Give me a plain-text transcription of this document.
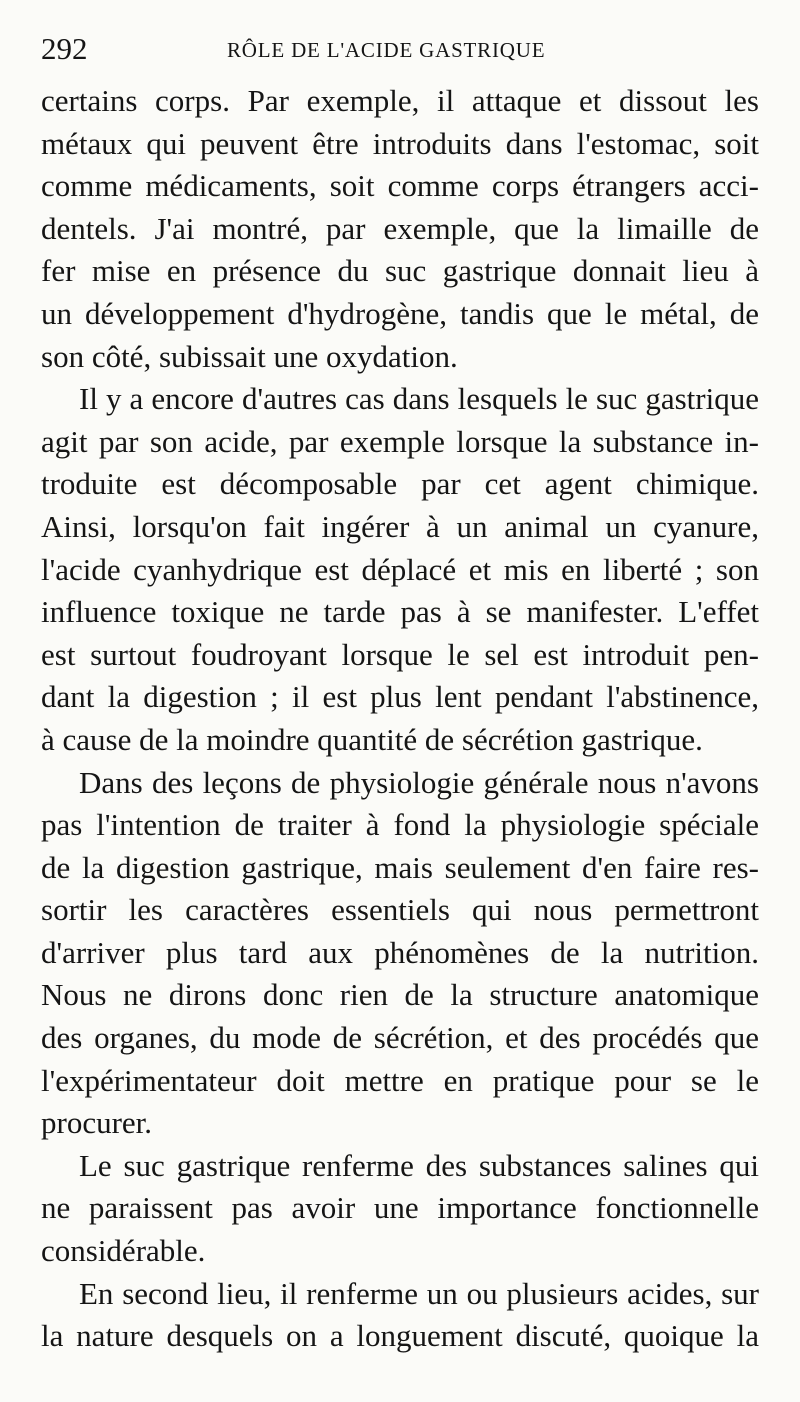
292	RÔLE DE L'ACIDE GASTRIQUE
certains corps. Par exemple, il attaque et dissout les
métaux qui peuvent être introduits dans l'estomac, soit
comme médicaments, soit comme corps étrangers acci-
dentels. J'ai montré, par exemple, que la limaille de
fer mise en présence du suc gastrique donnait lieu à
un développement d'hydrogène, tandis que le métal, de
son côté, subissait une oxydation.
Il y a encore d'autres cas dans lesquels le suc gastrique
agit par son acide, par exemple lorsque la substance in-
troduite est décomposable par cet agent chimique.
Ainsi, lorsqu'on fait ingérer à un animal un cyanure,
l'acide cyanhydrique est déplacé et mis en liberté ; son
influence toxique ne tarde pas à se manifester. L'effet
est surtout foudroyant lorsque le sel est introduit pen-
dant la digestion ; il est plus lent pendant l'abstinence,
à cause de la moindre quantité de sécrétion gastrique.
Dans des leçons de physiologie générale nous n'avons
pas l'intention de traiter à fond la physiologie spéciale
de la digestion gastrique, mais seulement d'en faire res-
sortir les caractères essentiels qui nous permettront
d'arriver plus tard aux phénomènes de la nutrition.
Nous ne dirons donc rien de la structure anatomique
des organes, du mode de sécrétion, et des procédés que
l'expérimentateur doit mettre en pratique pour se le
procurer.
Le suc gastrique renferme des substances salines qui
ne paraissent pas avoir une importance fonctionnelle
considérable.
En second lieu, il renferme un ou plusieurs acides, sur
la nature desquels on a longuement discuté, quoique la
